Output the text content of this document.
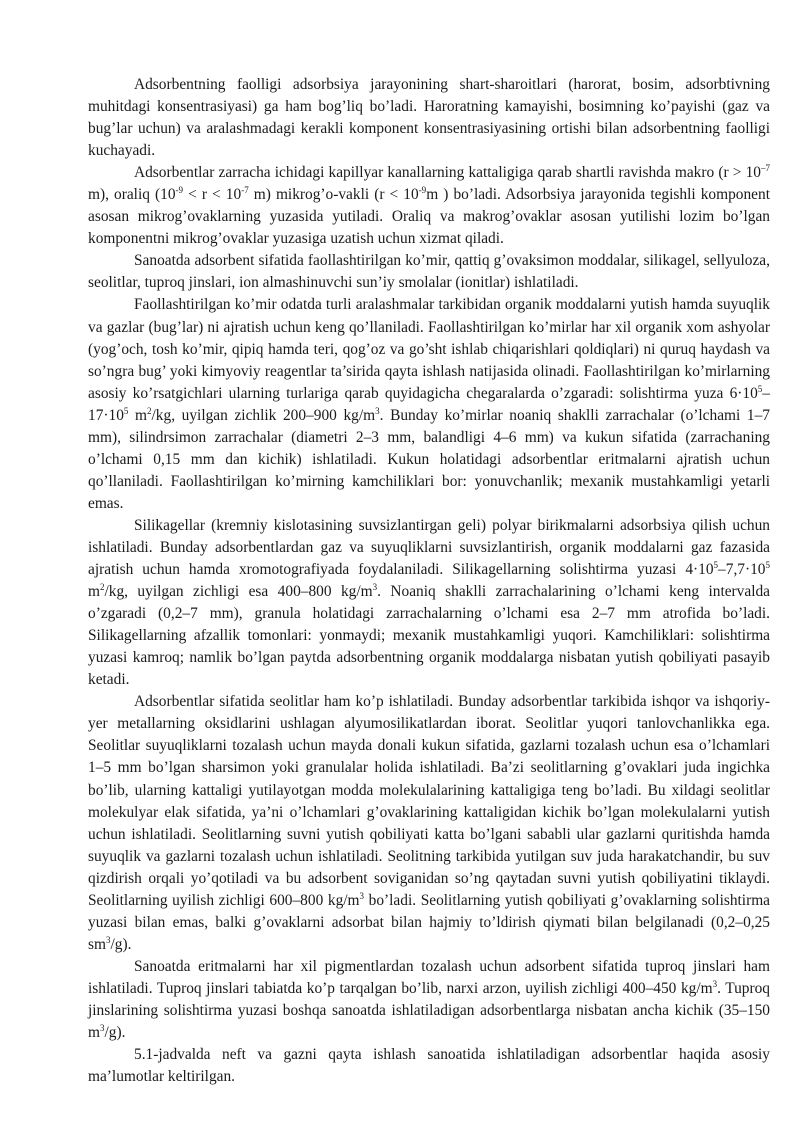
Adsorbentning faolligi adsorbsiya jarayonining shart-sharoitlari (harorat, bosim, adsorbtivning muhitdagi konsentrasiyasi) ga ham bog’liq bo’ladi. Haroratning kamayishi, bosimning ko’payishi (gaz va bug’lar uchun) va aralashmadagi kerakli komponent konsentrasiyasining ortishi bilan adsorbentning faolligi kuchayadi.

Adsorbentlar zarracha ichidagi kapillyar kanallarning kattaligiga qarab shartli ravishda makro ($r > 10^{-7}$ m), oraliq ($10^{-9} < r < 10^{-7}$ m) mikrog’o-vakli ($r < 10^{-9}m$ ) bo’ladi. Adsorbsiya jarayonida tegishli komponent asosan mikrog’ovaklarning yuzasida yutiladi. Oraliq va makrog’ovaklar asosan yutilishi lozim bo’lgan komponentni mikrog’ovaklar yuzasiga uzatish uchun xizmat qiladi.

Sanoatda adsorbent sifatida faollashtirilgan ko’mir, qattiq g’ovaksimon moddalar, silikagel, sellyuloza, seolitlar, tuproq jinslari, ion almashinuvchi sun’iy smolalar (ionitlar) ishlatiladi.

Faollashtirilgan ko’mir odatda turli aralashmalar tarkibidan organik moddalarni yutish hamda suyuqlik va gazlar (bug’lar) ni ajratish uchun keng qo’llaniladi. Faollashtirilgan ko’mirlar har xil organik xom ashyolar (yog’och, tosh ko’mir, qipiq hamda teri, qog’oz va go’sht ishlab chiqarishlari qoldiqlari) ni quruq haydash va so’ngra bug’ yoki kimyoviy reagentlar ta’sirida qayta ishlash natijasida olinadi. Faollashtirilgan ko’mirlarning asosiy ko’rsatgichlari ularning turlariga qarab quyidagicha chegaralarda o’zgaradi: solishtirma yuza $6\cdot 10^5-17\cdot 10^5$ $m^2/kg$, uyilgan zichlik 200–900 $kg/m^3$. Bunday ko’mirlar noaniq shaklli zarrachalar (o’lchami 1–7 mm), silindrsimon zarrachalar (diametri 2–3 mm, balandligi 4–6 mm) va kukun sifatida (zarrachaning o’lchami 0,15 mm dan kichik) ishlatiladi. Kukun holatidagi adsorbentlar eritmalarni ajratish uchun qo’llaniladi. Faollashtirilgan ko’mirning kamchiliklari bor: yonuvchanlik; mexanik mustahkamligi yetarli emas.

Silikagellar (kremniy kislotasining suvsizlantirgan geli) polyar birikmalarni adsorbsiya qilish uchun ishlatiladi. Bunday adsorbentlardan gaz va suyuqliklarni suvsizlantirish, organik moddalarni gaz fazasida ajratish uchun hamda xromotografiyada foydalaniladi. Silikagellarning solishtirma yuzasi $4\cdot 10^5-7,7\cdot 10^5$ $m^2/kg$, uyilgan zichligi esa 400–800 $kg/m^3$. Noaniq shaklli zarrachalarining o’lchami keng intervalda o’zgaradi (0,2–7 mm), granula holatidagi zarrachalarning o’lchami esa 2–7 mm atrofida bo’ladi. Silikagellarning afzallik tomonlari: yonmaydi; mexanik mustahkamligi yuqori. Kamchiliklari: solishtirma yuzasi kamroq; namlik bo’lgan paytda adsorbentning organik moddalarga nisbatan yutish qobiliyati pasayib ketadi.

Adsorbentlar sifatida seolitlar ham ko’p ishlatiladi. Bunday adsorbentlar tarkibida ishqor va ishqoriy-yer metallarning oksidlarini ushlagan alyumosilikatlardan iborat. Seolitlar yuqori tanlovchanlikka ega. Seolitlar suyuqliklarni tozalash uchun mayda donali kukun sifatida, gazlarni tozalash uchun esa o’lchamlari 1–5 mm bo’lgan sharsimon yoki granulalar holida ishlatiladi. Ba’zi seolitlarning g’ovaklari juda ingichka bo’lib, ularning kattaligi yutilayotgan modda molekulalarining kattaligiga teng bo’ladi. Bu xildagi seolitlar molekulyar elak sifatida, ya’ni o’lchamlari g’ovaklarining kattaligidan kichik bo’lgan molekulalarni yutish uchun ishlatiladi. Seolitlarning suvni yutish qobiliyati katta bo’lgani sababli ular gazlarni quritishda hamda suyuqlik va gazlarni tozalash uchun ishlatiladi. Seolitning tarkibida yutilgan suv juda harakatchandir, bu suv qizdirish orqali yo’qotiladi va bu adsorbent soviganidan so’ng qaytadan suvni yutish qobiliyatini tiklaydi. Seolitlarning uyilish zichligi 600–800 $kg/m^3$ bo’ladi. Seolitlarning yutish qobiliyati g’ovaklarning solishtirma yuzasi bilan emas, balki g’ovaklarni adsorbat bilan hajmiy to’ldirish qiymati bilan belgilanadi (0,2–0,25 $sm^3/g$).

Sanoatda eritmalarni har xil pigmentlardan tozalash uchun adsorbent sifatida tuproq jinslari ham ishlatiladi. Tuproq jinslari tabiatda ko’p tarqalgan bo’lib, narxi arzon, uyilish zichligi 400–450 $kg/m^3$. Tuproq jinslarining solishtirma yuzasi boshqa sanoatda ishlatiladigan adsorbentlarga nisbatan ancha kichik (35–150 $m^3/g$).

5.1-jadvalda neft va gazni qayta ishlash sanoatida ishlatiladigan adsorbentlar haqida asosiy ma’lumotlar keltirilgan.
